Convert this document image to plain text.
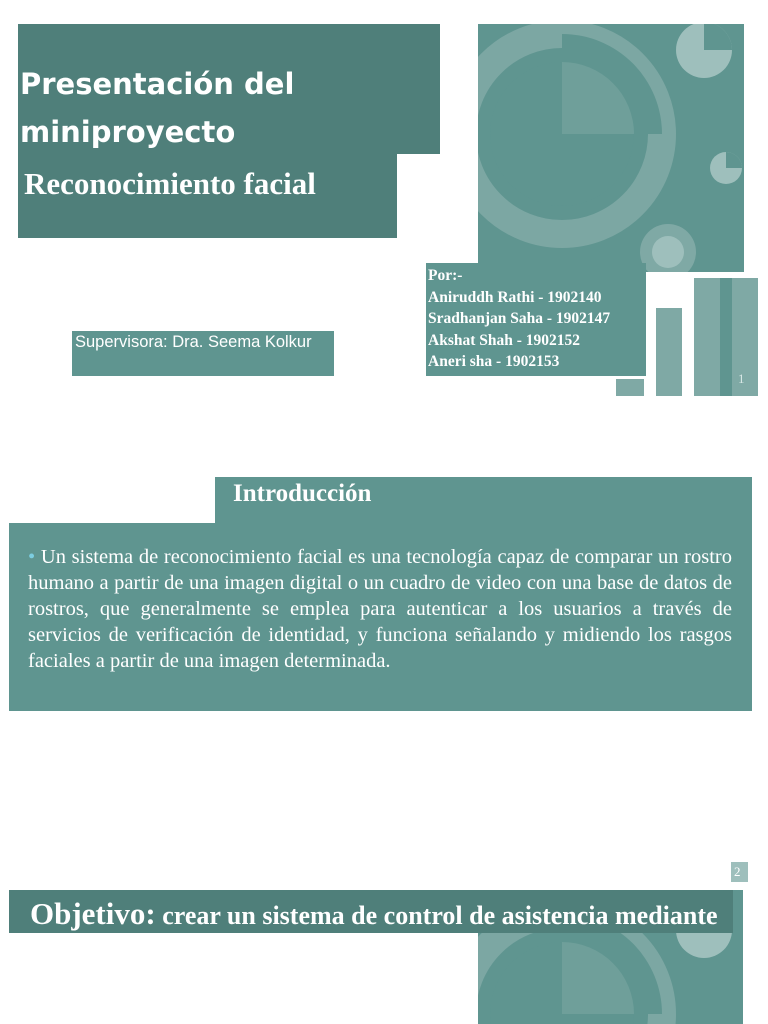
Presentación del miniproyecto
Reconocimiento facial
Por:-
Aniruddh Rathi - 1902140
Sradhanjan Saha - 1902147
Akshat Shah - 1902152
Aneri sha - 1902153
1
Supervisora: Dra. Seema Kolkur
Introducción
• Un sistema de reconocimiento facial es una tecnología capaz de comparar un rostro humano a partir de una imagen digital o un cuadro de video con una base de datos de rostros, que generalmente se emplea para autenticar a los usuarios a través de servicios de verificación de identidad, y funciona señalando y midiendo los rasgos faciales a partir de una imagen determinada.
2
Objetivo: crear un sistema de control de asistencia mediante reconocimiento facial
